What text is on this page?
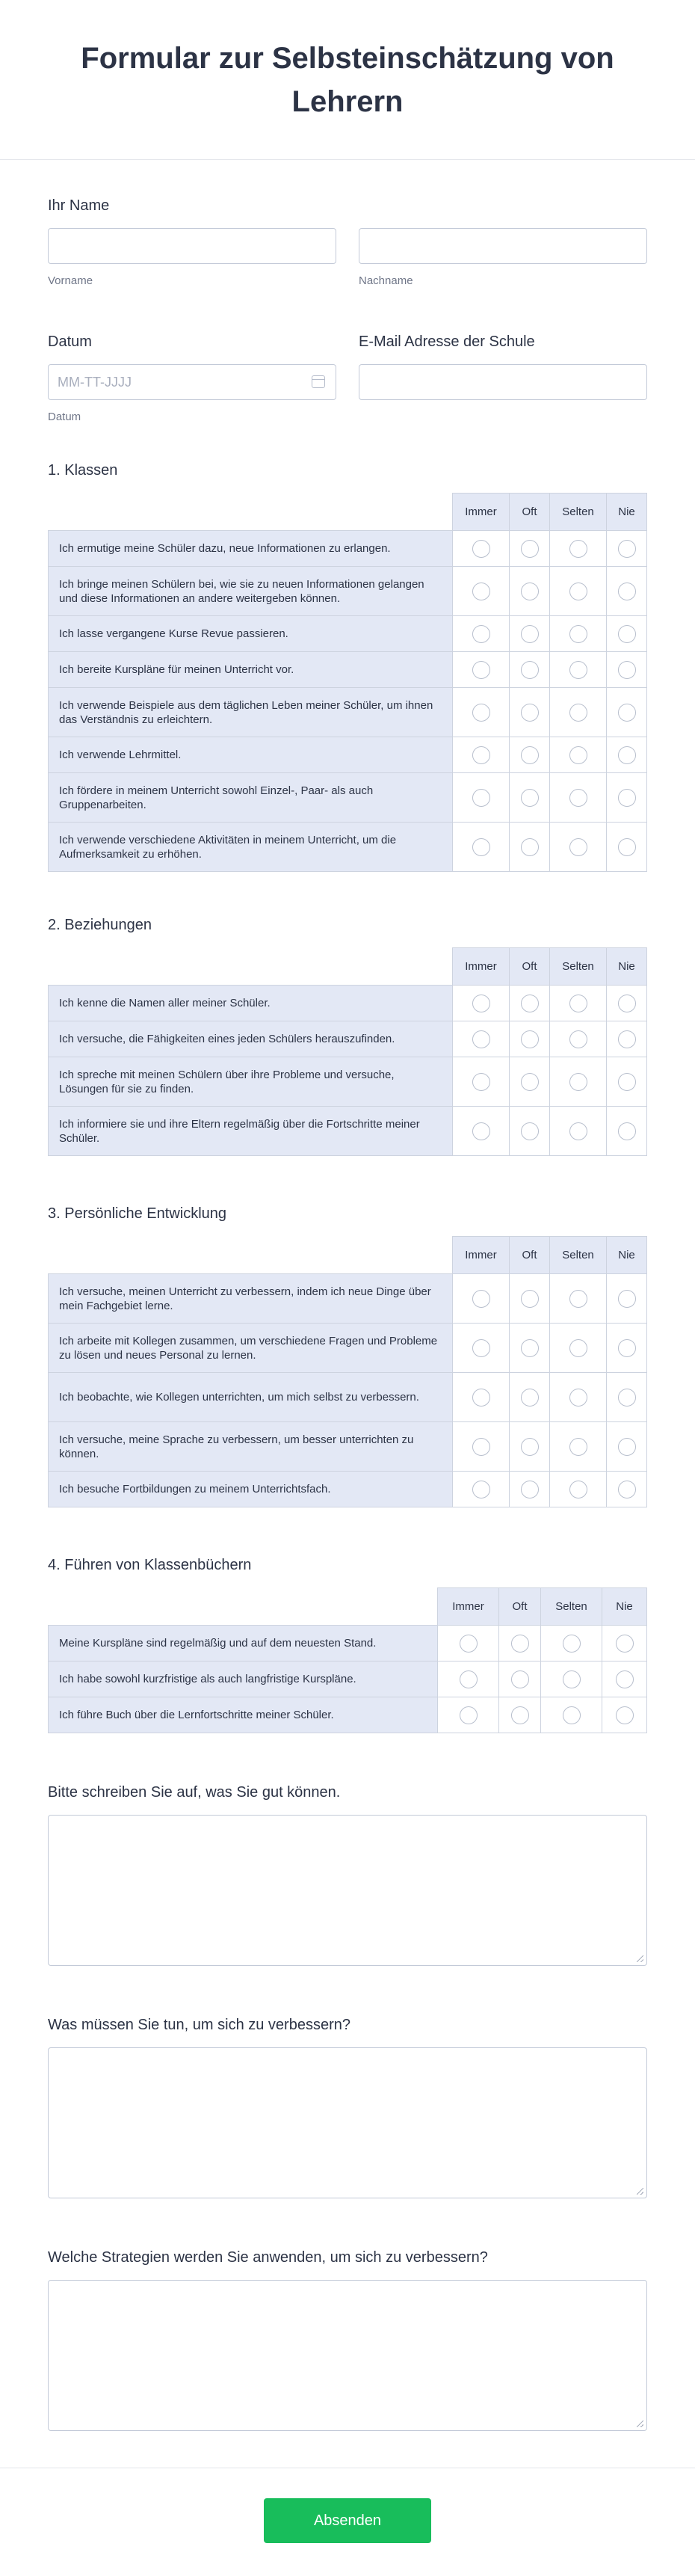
Formular zur Selbsteinschätzung von Lehrern
Ihr Name
Vorname	Nachname
Datum
MM-TT-JJJJ
Datum
E-Mail Adresse der Schule
1. Klassen
	Immer	Oft	Selten	Nie
Ich ermutige meine Schüler dazu, neue Informationen zu erlangen.				
Ich bringe meinen Schülern bei, wie sie zu neuen Informationen gelangen und diese Informationen an andere weitergeben können.				
Ich lasse vergangene Kurse Revue passieren.				
Ich bereite Kurspläne für meinen Unterricht vor.				
Ich verwende Beispiele aus dem täglichen Leben meiner Schüler, um ihnen das Verständnis zu erleichtern.				
Ich verwende Lehrmittel.				
Ich fördere in meinem Unterricht sowohl Einzel-, Paar- als auch Gruppenarbeiten.				
Ich verwende verschiedene Aktivitäten in meinem Unterricht, um die Aufmerksamkeit zu erhöhen.				
2. Beziehungen
	Immer	Oft	Selten	Nie
Ich kenne die Namen aller meiner Schüler.				
Ich versuche, die Fähigkeiten eines jeden Schülers herauszufinden.				
Ich spreche mit meinen Schülern über ihre Probleme und versuche, Lösungen für sie zu finden.				
Ich informiere sie und ihre Eltern regelmäßig über die Fortschritte meiner Schüler.				
3. Persönliche Entwicklung
	Immer	Oft	Selten	Nie
Ich versuche, meinen Unterricht zu verbessern, indem ich neue Dinge über mein Fachgebiet lerne.				
Ich arbeite mit Kollegen zusammen, um verschiedene Fragen und Probleme zu lösen und neues Personal zu lernen.				
Ich beobachte, wie Kollegen unterrichten, um mich selbst zu verbessern.				
Ich versuche, meine Sprache zu verbessern, um besser unterrichten zu können.				
Ich besuche Fortbildungen zu meinem Unterrichtsfach.				
4. Führen von Klassenbüchern
	Immer	Oft	Selten	Nie
Meine Kurspläne sind regelmäßig und auf dem neuesten Stand.				
Ich habe sowohl kurzfristige als auch langfristige Kurspläne.				
Ich führe Buch über die Lernfortschritte meiner Schüler.				
Bitte schreiben Sie auf, was Sie gut können.
Was müssen Sie tun, um sich zu verbessern?
Welche Strategien werden Sie anwenden, um sich zu verbessern?
Absenden
